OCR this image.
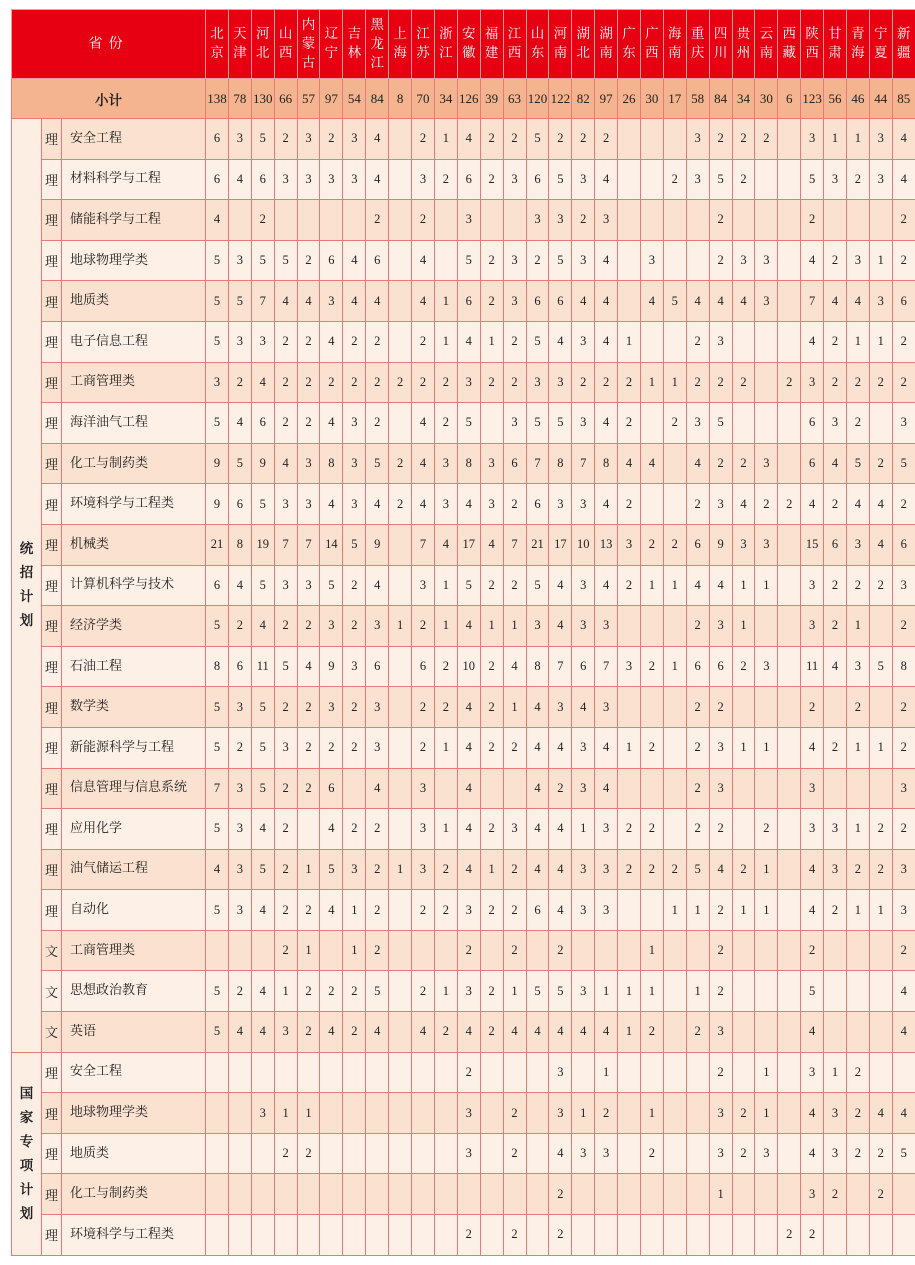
省份			北京	天津	河北	山西	内蒙古	辽宁	吉林	黑龙江	上海	江苏	浙江	安徽	福建	江西	山东	河南	湖北	湖南	广东	广西	海南	重庆	四川	贵州	云南	西藏	陕西	甘肃	青海	宁夏	新疆
小计			138	78	130	66	57	97	54	84	8	70	34	126	39	63	120	122	82	97	26	30	17	58	84	34	30	6	123	56	46	44	85
统招计划	理	安全工程	6	3	5	2	3	2	3	4		2	1	4	2	2	5	2	2	2				3	2	2	2		3	1	1	3	4
	理	材料科学与工程	6	4	6	3	3	3	3	4		3	2	6	2	3	6	5	3	4			2	3	5	2			5	3	2	3	4
	理	储能科学与工程	4		2					2		2		3			3	3	2	3					2				2				2
	理	地球物理学类	5	3	5	5	2	6	4	6		4		5	2	3	2	5	3	4		3			2	3	3		4	2	3	1	2
	理	地质类	5	5	7	4	4	3	4	4		4	1	6	2	3	6	6	4	4		4	5	4	4	4	3		7	4	4	3	6
	理	电子信息工程	5	3	3	2	2	4	2	2		2	1	4	1	2	5	4	3	4	1			2	3				4	2	1	1	2
	理	工商管理类	3	2	4	2	2	2	2	2	2	2	2	3	2	2	3	3	2	2	2	1	1	2	2	2		2	3	2	2	2	2
	理	海洋油气工程	5	4	6	2	2	4	3	2		4	2	5		3	5	5	3	4	2		2	3	5				6	3	2		3
	理	化工与制药类	9	5	9	4	3	8	3	5	2	4	3	8	3	6	7	8	7	8	4	4		4	2	2	3		6	4	5	2	5
	理	环境科学与工程类	9	6	5	3	3	4	3	4	2	4	3	4	3	2	6	3	3	4	2			2	3	4	2	2	4	2	4	4	2
	理	机械类	21	8	19	7	7	14	5	9		7	4	17	4	7	21	17	10	13	3	2	2	6	9	3	3		15	6	3	4	6
	理	计算机科学与技术	6	4	5	3	3	5	2	4		3	1	5	2	2	5	4	3	4	2	1	1	4	4	1	1		3	2	2	2	3
	理	经济学类	5	2	4	2	2	3	2	3	1	2	1	4	1	1	3	4	3	3				2	3	1			3	2	1		2
	理	石油工程	8	6	11	5	4	9	3	6		6	2	10	2	4	8	7	6	7	3	2	1	6	6	2	3		11	4	3	5	8
	理	数学类	5	3	5	2	2	3	2	3		2	2	4	2	1	4	3	4	3				2	2				2		2		2
	理	新能源科学与工程	5	2	5	3	2	2	2	3		2	1	4	2	2	4	4	3	4	1	2		2	3	1	1		4	2	1	1	2
	理	信息管理与信息系统	7	3	5	2	2	6		4		3		4			4	2	3	4				2	3				3				3
	理	应用化学	5	3	4	2		4	2	2		3	1	4	2	3	4	4	1	3	2	2		2	2		2		3	3	1	2	2
	理	油气储运工程	4	3	5	2	1	5	3	2	1	3	2	4	1	2	4	4	3	3	2	2	2	5	4	2	1		4	3	2	2	3
	理	自动化	5	3	4	2	2	4	1	2		2	2	3	2	2	6	4	3	3			1	1	2	1	1		4	2	1	1	3
	文	工商管理类				2	1		1	2				2		2		2				1			2				2				2
	文	思想政治教育	5	2	4	1	2	2	2	5		2	1	3	2	1	5	5	3	1	1	1		1	2				5				4
	文	英语	5	4	4	3	2	4	2	4		4	2	4	2	4	4	4	4	4	1	2		2	3				4				4
国家专项计划	理	安全工程												2				3		1					2		1		3	1	2		
	理	地球物理学类			3	1	1							3		2		3	1	2		1			3	2	1		4	3	2	4	4
	理	地质类				2	2							3		2		4	3	3		2			3	2	3		4	3	2	2	5
	理	化工与制药类																2							1				3	2		2	
	理	环境科学与工程类												2		2		2										2	2				
